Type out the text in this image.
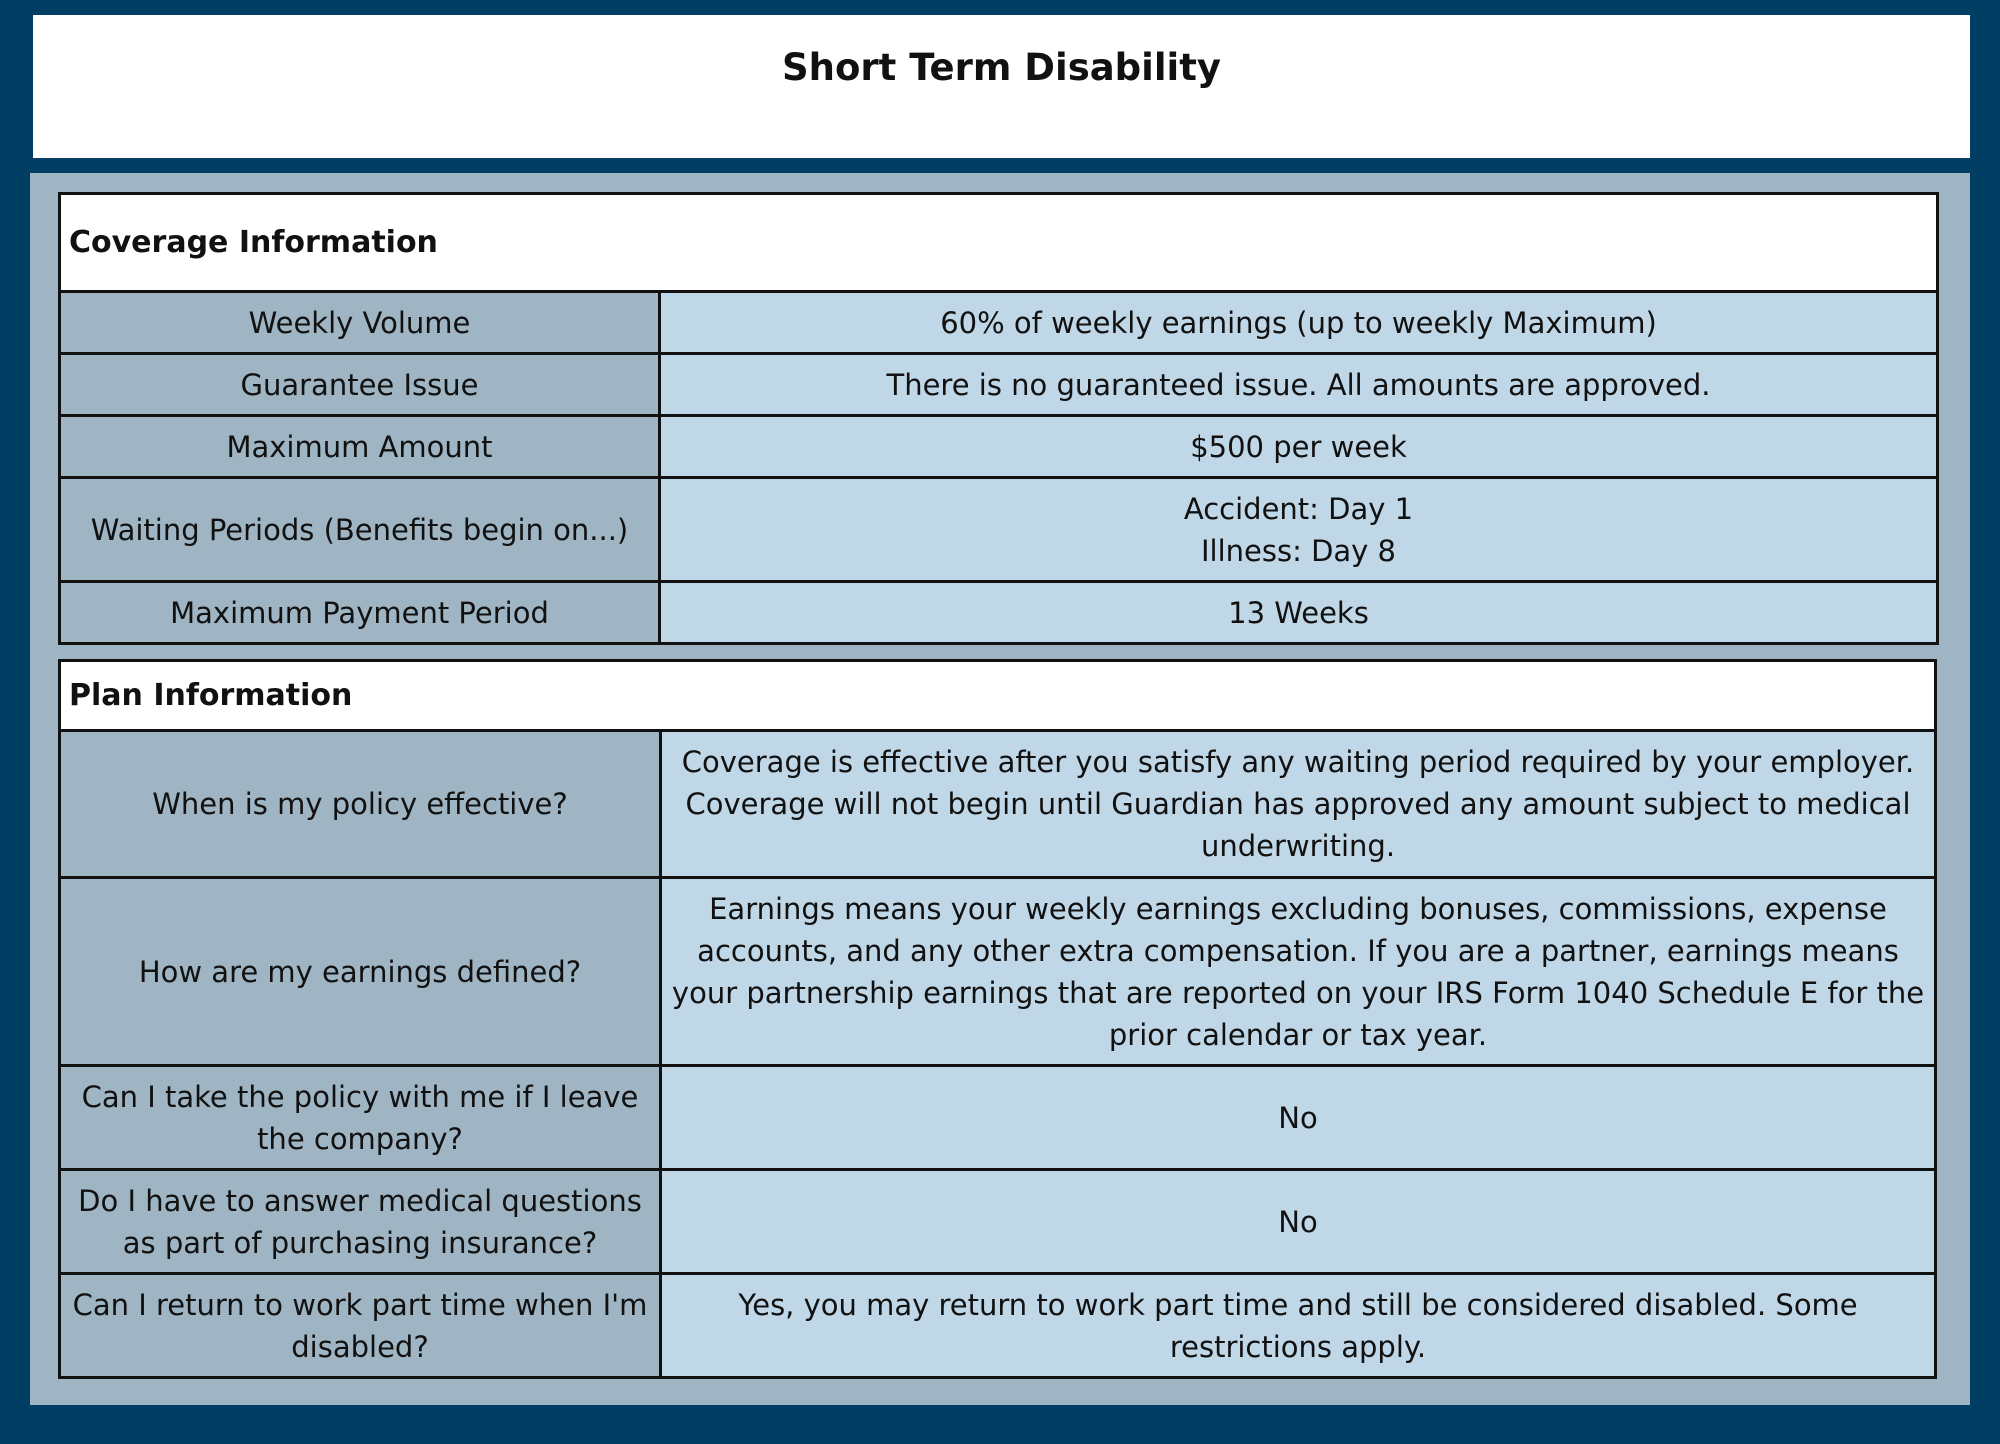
Short Term Disability
Coverage Information	
Weekly Volume	60% of weekly earnings (up to weekly Maximum)
Guarantee Issue	There is no guaranteed issue. All amounts are approved.
Maximum Amount	$500 per week
Waiting Periods (Benefits begin on...)	Accident: Day 1
Illness: Day 8
Maximum Payment Period	13 Weeks
Plan Information	
When is my policy effective?	Coverage is effective after you satisfy any waiting period required by your employer. Coverage will not begin until Guardian has approved any amount subject to medical underwriting.
How are my earnings defined?	Earnings means your weekly earnings excluding bonuses, commissions, expense accounts, and any other extra compensation. If you are a partner, earnings means your partnership earnings that are reported on your IRS Form 1040 Schedule E for the prior calendar or tax year.
Can I take the policy with me if I leave the company?	No
Do I have to answer medical questions as part of purchasing insurance?	No
Can I return to work part time when I'm disabled?	Yes, you may return to work part time and still be considered disabled. Some restrictions apply.
